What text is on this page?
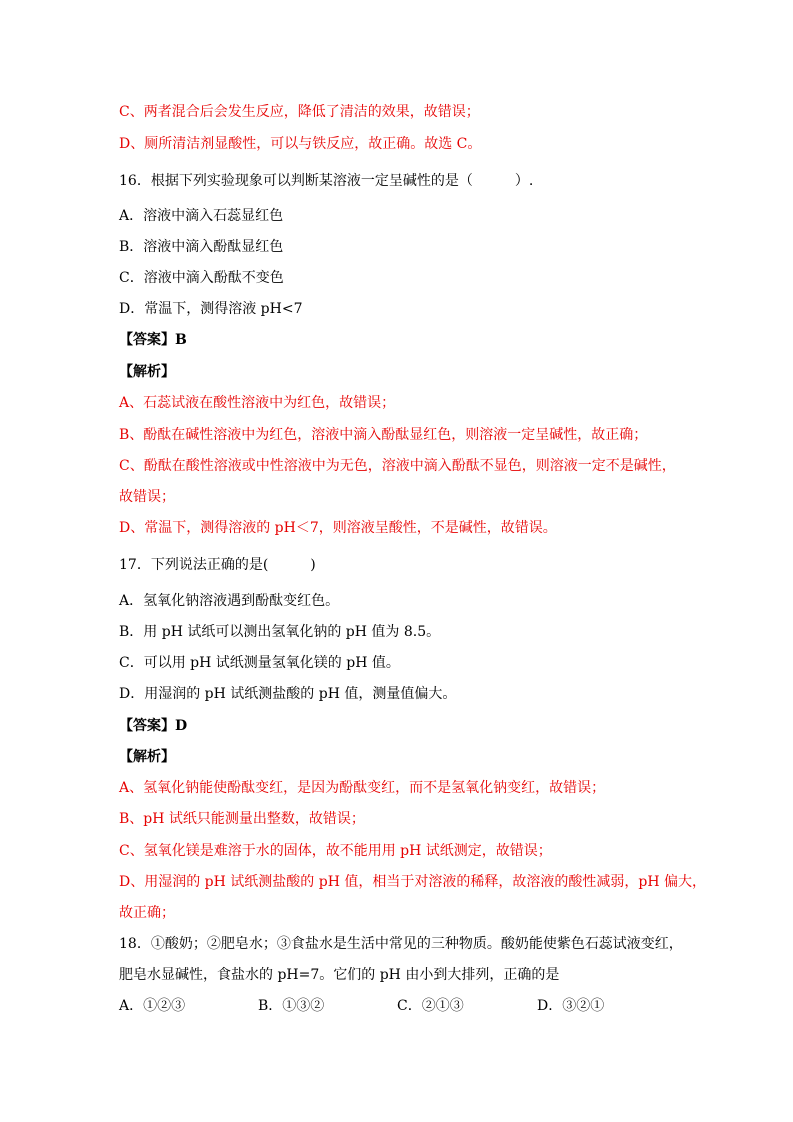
C、两者混合后会发生反应，降低了清洁的效果，故错误；
D、厕所清洁剂显酸性，可以与铁反应，故正确。故选 C。
16．根据下列实验现象可以判断某溶液一定呈碱性的是（　　　）.
A．溶液中滴入石蕊显红色
B．溶液中滴入酚酞显红色
C．溶液中滴入酚酞不变色
D．常温下，测得溶液 pH<7
【答案】B
【解析】
A、石蕊试液在酸性溶液中为红色，故错误；
B、酚酞在碱性溶液中为红色，溶液中滴入酚酞显红色，则溶液一定呈碱性，故正确；
C、酚酞在酸性溶液或中性溶液中为无色，溶液中滴入酚酞不显色，则溶液一定不是碱性，
故错误；
D、常温下，测得溶液的 pH＜7，则溶液呈酸性，不是碱性，故错误。
17．下列说法正确的是(　　　)
A．氢氧化钠溶液遇到酚酞变红色。
B．用 pH 试纸可以测出氢氧化钠的 pH 值为 8.5。
C．可以用 pH 试纸测量氢氧化镁的 pH 值。
D．用湿润的 pH 试纸测盐酸的 pH 值，测量值偏大。
【答案】D
【解析】
A、氢氧化钠能使酚酞变红，是因为酚酞变红，而不是氢氧化钠变红，故错误；
B、pH 试纸只能测量出整数，故错误；
C、氢氧化镁是难溶于水的固体，故不能用用 pH 试纸测定，故错误；
D、用湿润的 pH 试纸测盐酸的 pH 值，相当于对溶液的稀释，故溶液的酸性减弱，pH 偏大，
故正确；
18．①酸奶；②肥皂水；③食盐水是生活中常见的三种物质。酸奶能使紫色石蕊试液变红，
肥皂水显碱性，食盐水的 pH=7。它们的 pH 由小到大排列，正确的是
A．①②③	B．①③②	C．②①③	D．③②①
